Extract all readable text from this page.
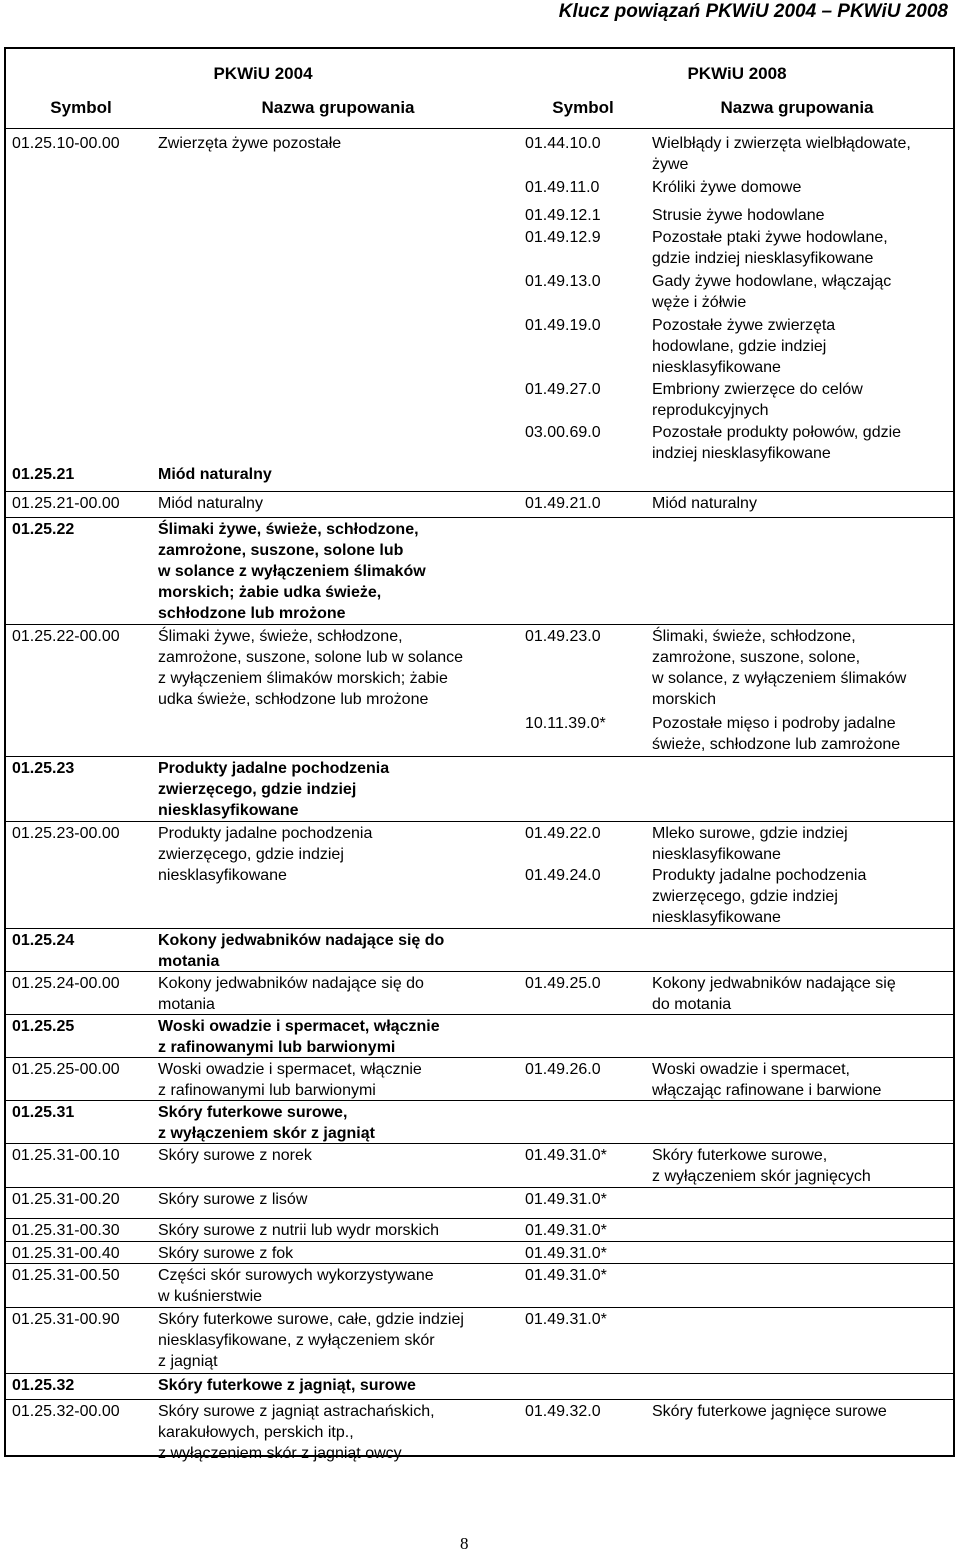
Klucz powiązań PKWiU 2004 – PKWiU 2008
PKWiU 2004	PKWiU 2008
Symbol	Nazwa grupowania	Symbol	Nazwa grupowania
01.25.10-00.00 Zwierzęta żywe pozostałe	01.44.10.0	Wielbłądy i zwierzęta wielbłądowate,
żywe
01.49.11.0	Króliki żywe domowe
01.49.12.1	Strusie żywe hodowlane
01.49.12.9	Pozostałe ptaki żywe hodowlane,
gdzie indziej niesklasyfikowane
01.49.13.0	Gady żywe hodowlane, włączając
węże i żółwie
01.49.19.0	Pozostałe żywe zwierzęta
hodowlane, gdzie indziej
niesklasyfikowane
01.49.27.0	Embriony zwierzęce do celów
reprodukcyjnych
03.00.69.0	Pozostałe produkty połowów, gdzie
indziej niesklasyfikowane
01.25.21	Miód naturalny
01.25.21-00.00 Miód naturalny	01.49.21.0	Miód naturalny
01.25.22	Ślimaki żywe, świeże, schłodzone,
zamrożone, suszone, solone lub
w solance z wyłączeniem ślimaków
morskich; żabie udka świeże,
schłodzone lub mrożone
01.25.22-00.00 Ślimaki żywe, świeże, schłodzone,
zamrożone, suszone, solone lub w solance
z wyłączeniem ślimaków morskich; żabie
udka świeże, schłodzone lub mrożone
01.49.23.0	Ślimaki, świeże, schłodzone,
zamrożone, suszone, solone,
w solance, z wyłączeniem ślimaków
morskich
10.11.39.0*	Pozostałe mięso i podroby jadalne
świeże, schłodzone lub zamrożone
01.25.23	Produkty jadalne pochodzenia
zwierzęcego, gdzie indziej
niesklasyfikowane
01.25.23-00.00 Produkty jadalne pochodzenia
zwierzęcego, gdzie indziej
niesklasyfikowane
01.49.22.0	Mleko surowe, gdzie indziej
niesklasyfikowane
01.49.24.0	Produkty jadalne pochodzenia
zwierzęcego, gdzie indziej
niesklasyfikowane
01.25.24	Kokony jedwabników nadające się do
motania
01.25.24-00.00 Kokony jedwabników nadające się do
motania
01.49.25.0	Kokony jedwabników nadające się
do motania
01.25.25	Woski owadzie i spermacet, włącznie
z rafinowanymi lub barwionymi
01.25.25-00.00 Woski owadzie i spermacet, włącznie
z rafinowanymi lub barwionymi
01.49.26.0	Woski owadzie i spermacet,
włączając rafinowane i barwione
01.25.31	Skóry futerkowe surowe,
z wyłączeniem skór z jagniąt
01.25.31-00.10 Skóry surowe z norek	01.49.31.0*	Skóry futerkowe surowe,
z wyłączeniem skór jagnięcych
01.25.31-00.20 Skóry surowe z lisów	01.49.31.0*
01.25.31-00.30 Skóry surowe z nutrii lub wydr morskich	01.49.31.0*
01.25.31-00.40 Skóry surowe z fok	01.49.31.0*
01.25.31-00.50 Części skór surowych wykorzystywane
w kuśnierstwie
01.49.31.0*
01.25.31-00.90 Skóry futerkowe surowe, całe, gdzie indziej
niesklasyfikowane, z wyłączeniem skór
z jagniąt
01.49.31.0*
01.25.32	Skóry futerkowe z jagniąt, surowe
01.25.32-00.00 Skóry surowe z jagniąt astrachańskich,
karakułowych, perskich itp.,
z wyłączeniem skór z jagniąt owcy
01.49.32.0	Skóry futerkowe jagnięce surowe
8
